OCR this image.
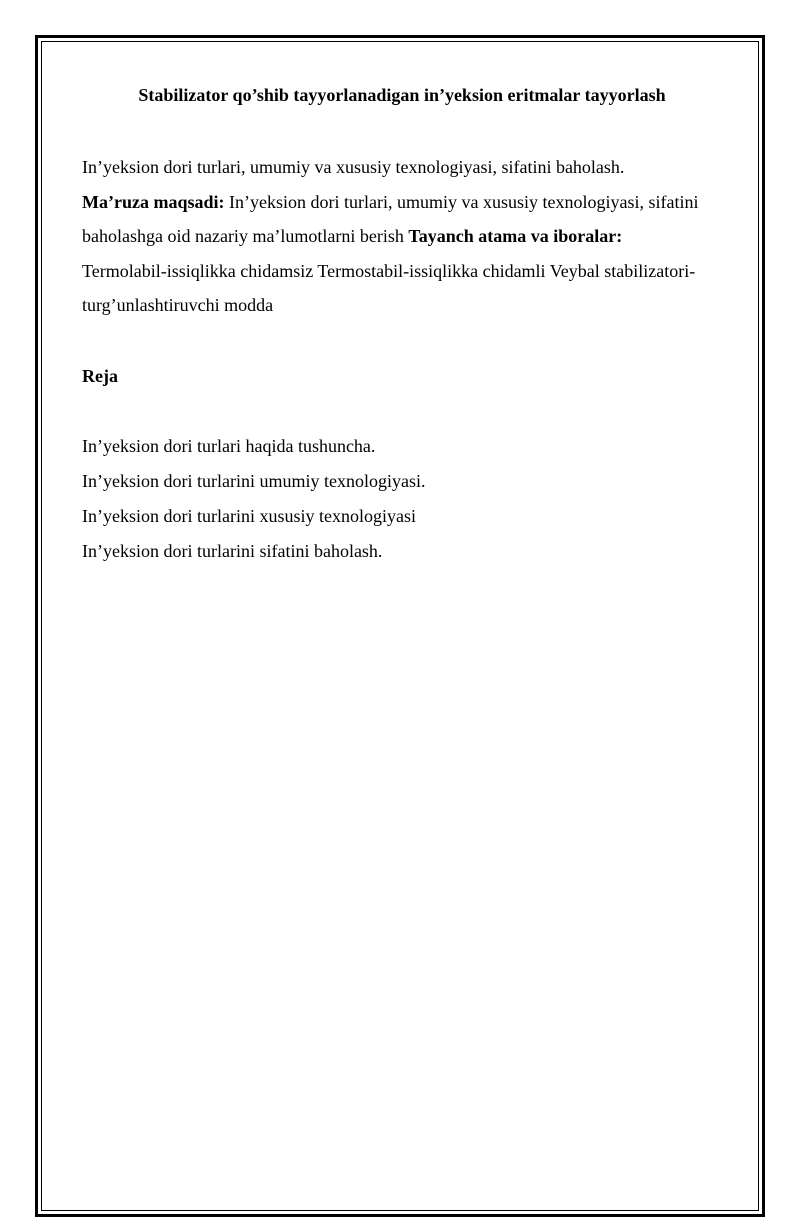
Stabilizator qo’shib tayyorlanadigan in’yeksion eritmalar tayyorlash

In’yeksion dori turlari, umumiy va xususiy texnologiyasi, sifatini baholash.
Ma’ruza maqsadi: In’yeksion dori turlari, umumiy va xususiy texnologiyasi, sifatini baholashga oid nazariy ma’lumotlarni berish Tayanch atama va iboralar:
Termolabil-issiqlikka chidamsiz Termostabil-issiqlikka chidamli Veybal stabilizatori- turg’unlashtiruvchi modda

Reja
In’yeksion dori turlari haqida tushuncha.
In’yeksion dori turlarini umumiy texnologiyasi.
In’yeksion dori turlarini xususiy texnologiyasi
In’yeksion dori turlarini sifatini baholash.
